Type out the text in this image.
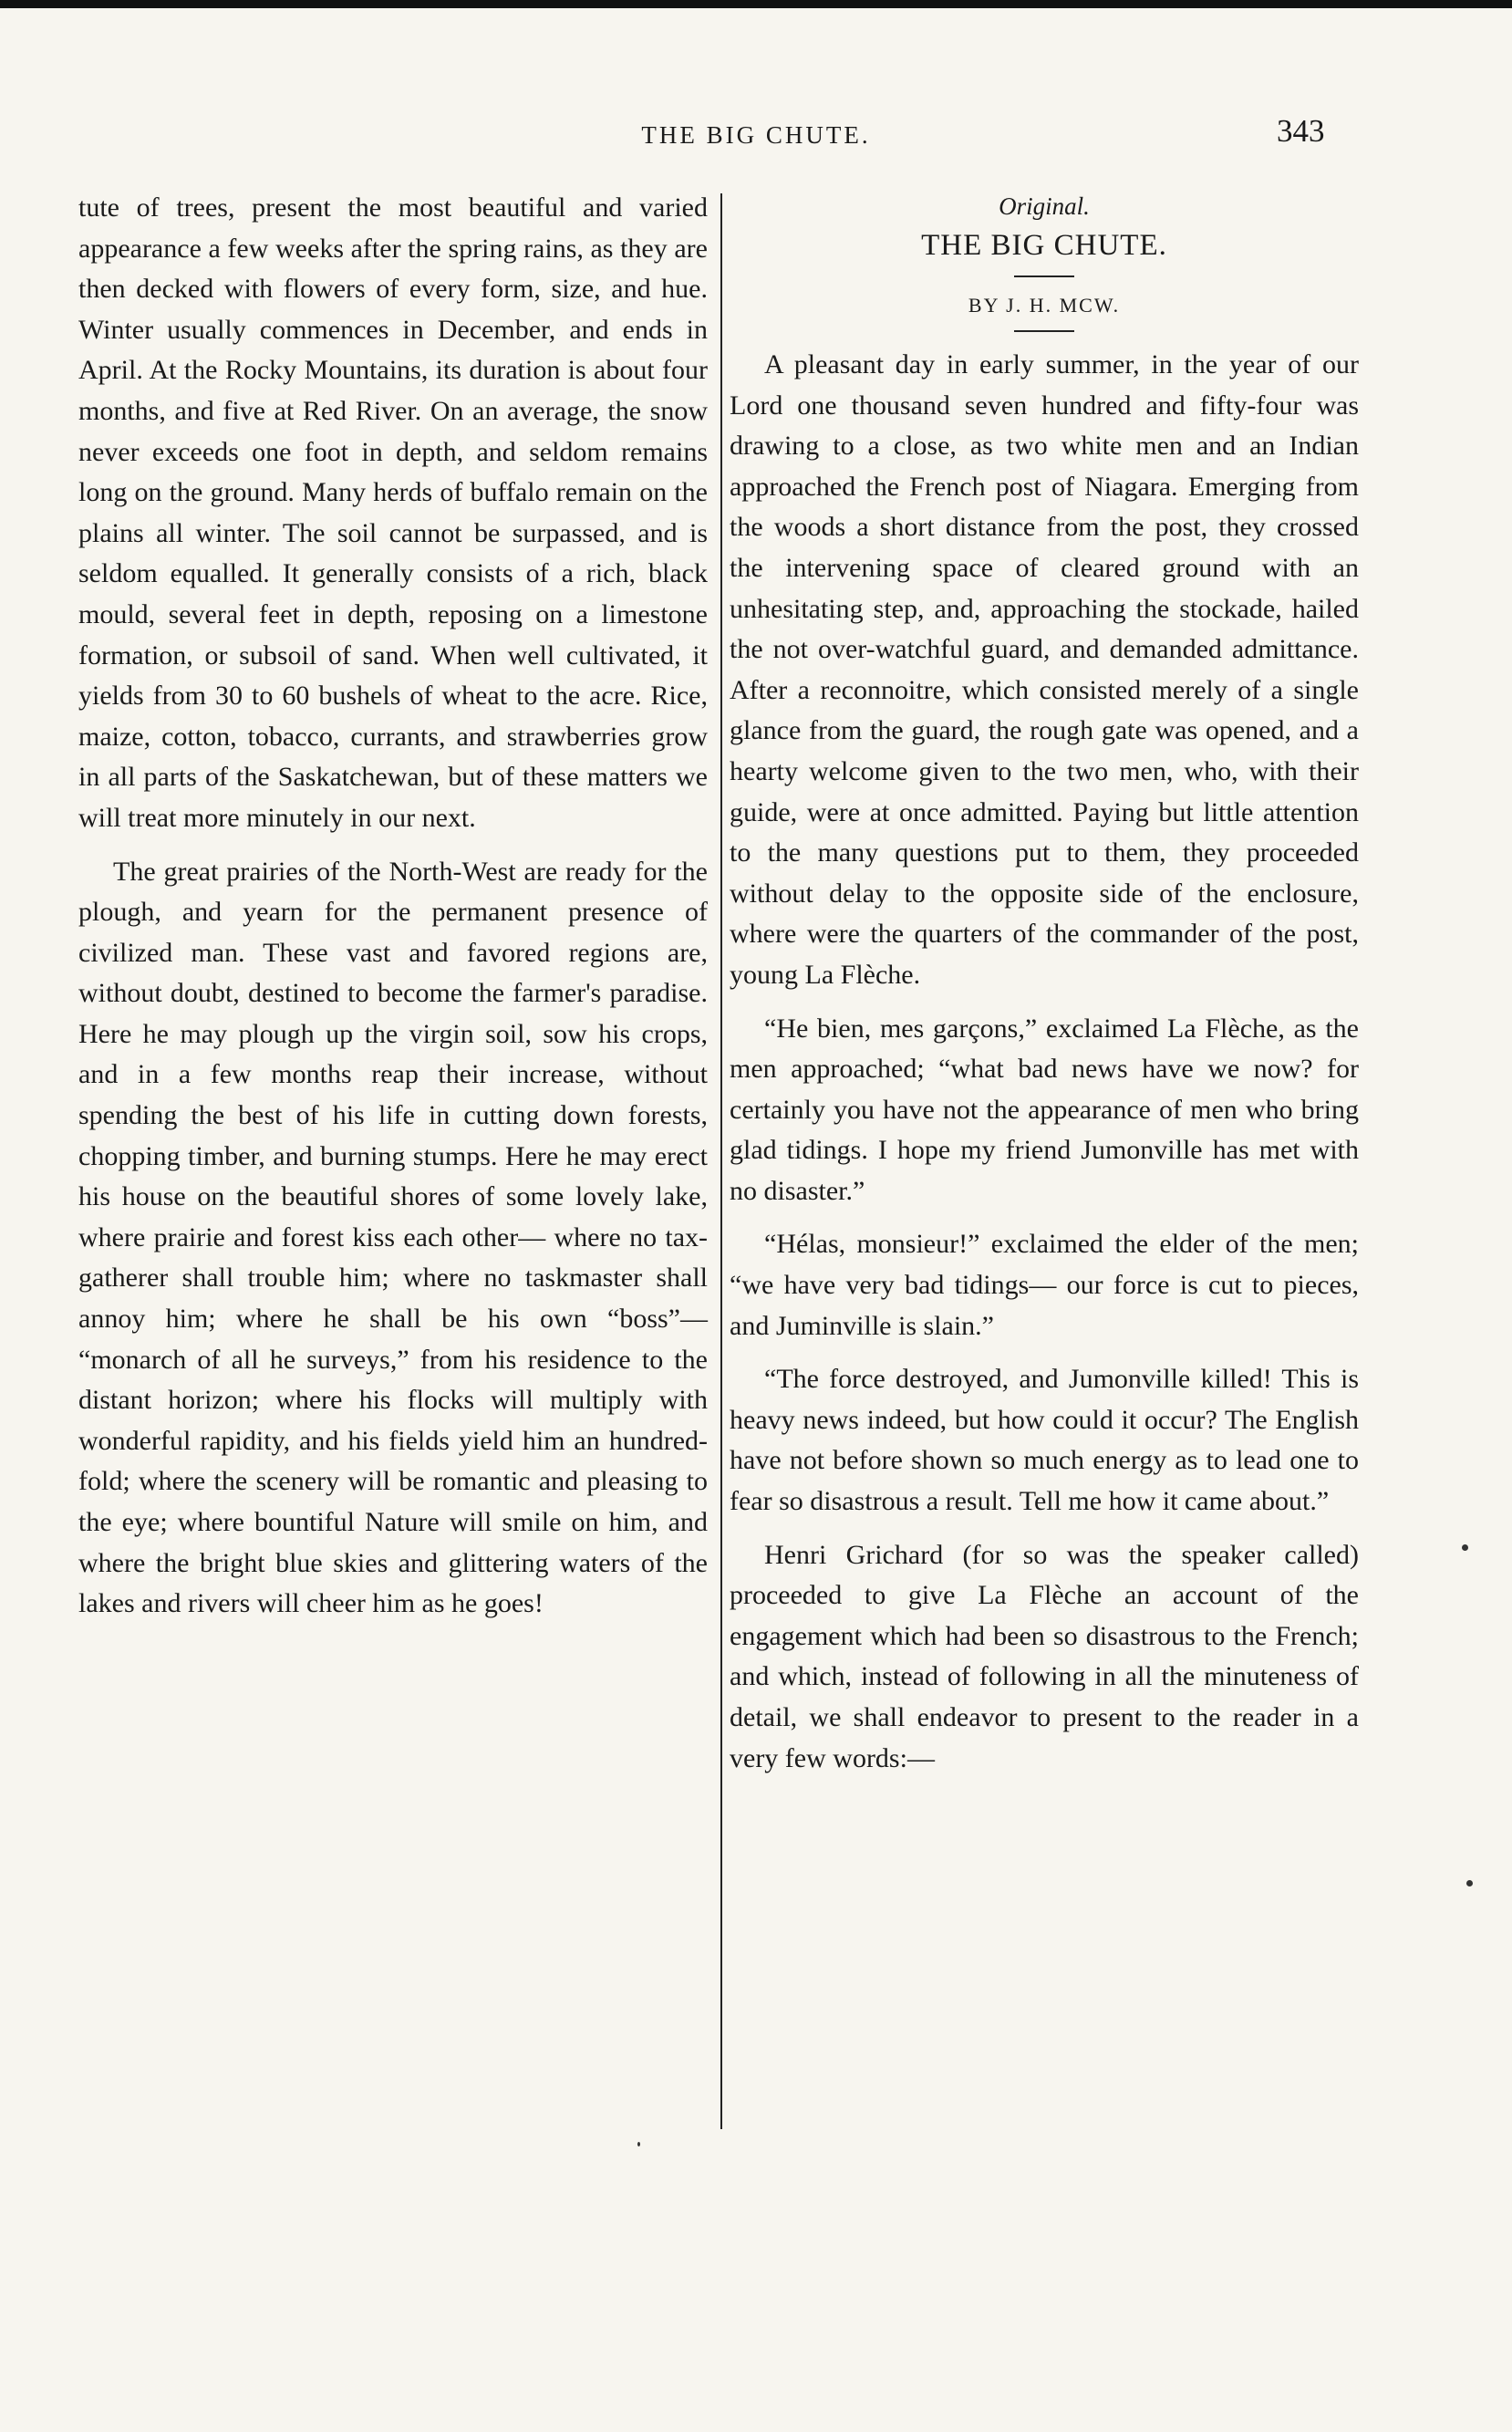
THE BIG CHUTE.	343

tute of trees, present the most beautiful and varied appearance a few weeks after the spring rains, as they are then decked with flowers of every form, size, and hue. Winter usually commences in December, and ends in April. At the Rocky Mountains, its duration is about four months, and five at Red River. On an average, the snow never exceeds one foot in depth, and seldom remains long on the ground. Many herds of buffalo remain on the plains all winter. The soil cannot be surpassed, and is seldom equalled. It generally consists of a rich, black mould, several feet in depth, reposing on a limestone formation, or subsoil of sand. When well cultivated, it yields from 30 to 60 bushels of wheat to the acre. Rice, maize, cotton, tobacco, currants, and strawberries grow in all parts of the Saskatchewan, but of these matters we will treat more minutely in our next.

The great prairies of the North-West are ready for the plough, and yearn for the permanent presence of civilized man. These vast and favored regions are, without doubt, destined to become the farmer's paradise. Here he may plough up the virgin soil, sow his crops, and in a few months reap their increase, without spending the best of his life in cutting down forests, chopping timber, and burning stumps. Here he may erect his house on the beautiful shores of some lovely lake, where prairie and forest kiss each other— where no tax-gatherer shall trouble him; where no taskmaster shall annoy him; where he shall be his own “boss”— “monarch of all he surveys,” from his residence to the distant horizon; where his flocks will multiply with wonderful rapidity, and his fields yield him an hundred-fold; where the scenery will be romantic and pleasing to the eye; where bountiful Nature will smile on him, and where the bright blue skies and glittering waters of the lakes and rivers will cheer him as he goes!

Original.
THE BIG CHUTE.
BY J. H. MCW.

A pleasant day in early summer, in the year of our Lord one thousand seven hundred and fifty-four was drawing to a close, as two white men and an Indian approached the French post of Niagara. Emerging from the woods a short distance from the post, they crossed the intervening space of cleared ground with an unhesitating step, and, approaching the stockade, hailed the not over-watchful guard, and demanded admittance. After a reconnoitre, which consisted merely of a single glance from the guard, the rough gate was opened, and a hearty welcome given to the two men, who, with their guide, were at once admitted. Paying but little attention to the many questions put to them, they proceeded without delay to the opposite side of the enclosure, where were the quarters of the commander of the post, young La Flèche.

“He bien, mes garçons,” exclaimed La Flèche, as the men approached; “what bad news have we now? for certainly you have not the appearance of men who bring glad tidings. I hope my friend Jumonville has met with no disaster.”

“Hélas, monsieur!” exclaimed the elder of the men; “we have very bad tidings— our force is cut to pieces, and Juminville is slain.”

“The force destroyed, and Jumonville killed! This is heavy news indeed, but how could it occur? The English have not before shown so much energy as to lead one to fear so disastrous a result. Tell me how it came about.”

Henri Grichard (for so was the speaker called) proceeded to give La Flèche an account of the engagement which had been so disastrous to the French; and which, instead of following in all the minuteness of detail, we shall endeavor to present to the reader in a very few words:—
